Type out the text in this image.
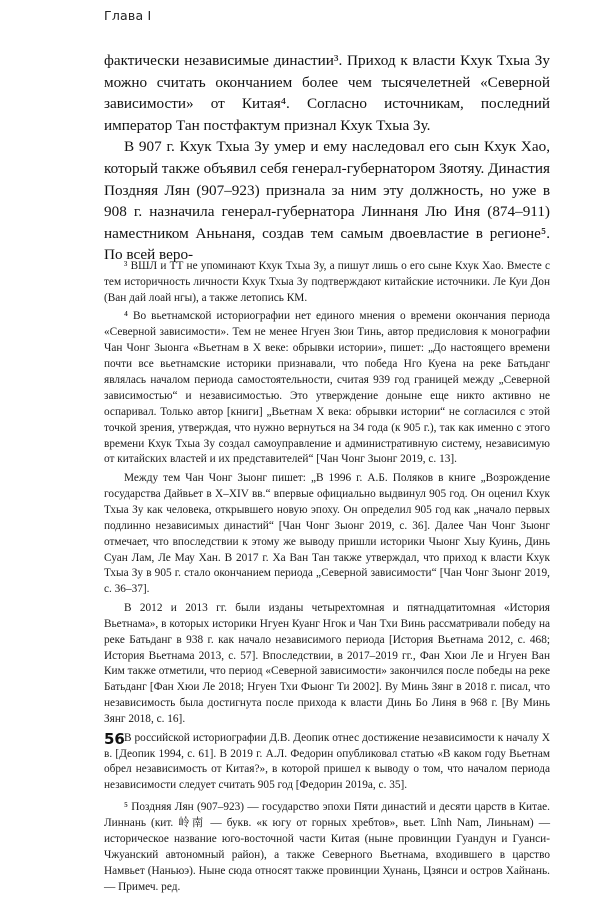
Глава I

фактически независимые династии³. Приход к власти Кхук Тхыа Зу можно считать окончанием более чем тысячелетней «Северной зависимости» от Китая⁴. Согласно источникам, последний император Тан постфактум признал Кхук Тхыа Зу.

В 907 г. Кхук Тхыа Зу умер и ему наследовал его сын Кхук Хао, который также объявил себя генерал-губернатором Зяотяу. Династия Поздняя Лян (907–923) признала за ним эту должность, но уже в 908 г. назначила генерал-губернатора Линнаня Лю Иня (874–911) наместником Аньнаня, создав тем самым двоевластие в регионе⁵. По всей веро-

³ ВШЛ и ТТ не упоминают Кхук Тхыа Зу, а пишут лишь о его сыне Кхук Хао. Вместе с тем историчность личности Кхук Тхыа Зу подтверждают китайские источники. Ле Куи Дон (Ван дай лоай нгы), а также летопись КМ.

⁴ Во вьетнамской историографии нет единого мнения о времени окончания периода «Северной зависимости». Тем не менее Нгуен Зюи Тинь, автор предисловия к монографии Чан Чонг Зыонга «Вьетнам в X веке: обрывки истории», пишет: „До настоящего времени почти все вьетнамские историки признавали, что победа Нго Куена на реке Батьданг являлась началом периода самостоятельности, считая 939 год границей между „Северной зависимостью“ и независимостью. Это утверждение доныне еще никто активно не оспаривал. Только автор [книги] „Вьетнам X века: обрывки истории“ не согласился с этой точкой зрения, утверждая, что нужно вернуться на 34 года (к 905 г.), так как именно с этого времени Кхук Тхыа Зу создал самоуправление и административную систему, независимую от китайских властей и их представителей“ [Чан Чонг Зыонг 2019, с. 13].

Между тем Чан Чонг Зыонг пишет: „В 1996 г. А.Б. Поляков в книге „Возрождение государства Дайвьет в X–XIV вв.“ впервые официально выдвинул 905 год. Он оценил Кхук Тхыа Зу как человека, открывшего новую эпоху. Он определил 905 год как „начало первых подлинно независимых династий“ [Чан Чонг Зыонг 2019, с. 36]. Далее Чан Чонг Зыонг отмечает, что впоследствии к этому же выводу пришли историки Чыонг Хыу Куинь, Динь Суан Лам, Ле Мау Хан. В 2017 г. Ха Ван Тан также утверждал, что приход к власти Кхук Тхыа Зу в 905 г. стало окончанием периода „Северной зависимости“ [Чан Чонг Зыонг 2019, с. 36–37].

В 2012 и 2013 гг. были изданы четырехтомная и пятнадцатитомная «История Вьетнама», в которых историки Нгуен Куанг Нгок и Чан Тхи Винь рассматривали победу на реке Батьданг в 938 г. как начало независимого периода [История Вьетнама 2012, с. 468; История Вьетнама 2013, с. 57]. Впоследствии, в 2017–2019 гг., Фан Хюи Ле и Нгуен Ван Ким также отметили, что период «Северной зависимости» закончился после победы на реке Батьданг [Фан Хюи Ле 2018; Нгуен Тхи Фыонг Ти 2002]. Ву Минь Зянг в 2018 г. писал, что независимость была достигнута после прихода к власти Динь Бо Линя в 968 г. [Ву Минь Зянг 2018, с. 16].

В российской историографии Д.В. Деопик отнес достижение независимости к началу X в. [Деопик 1994, с. 61]. В 2019 г. А.Л. Федорин опубликовал статью «В каком году Вьетнам обрел независимость от Китая?», в которой пришел к выводу о том, что началом периода независимости следует считать 905 год [Федорин 2019а, с. 35].

⁵ Поздняя Лян (907–923) — государство эпохи Пяти династий и десяти царств в Китае. Линнань (кит. 岭南 — букв. «к югу от горных хребтов», вьет. Lĩnh Nam, Линьнам) — историческое название юго-восточной части Китая (ныне провинции Гуандун и Гуанси-Чжуанский автономный район), а также Северного Вьетнама, входившего в царство Намвьет (Наньюэ). Ныне сюда относят также провинции Хунань, Цзянси и остров Хайнань. — Примеч. ред.

56
